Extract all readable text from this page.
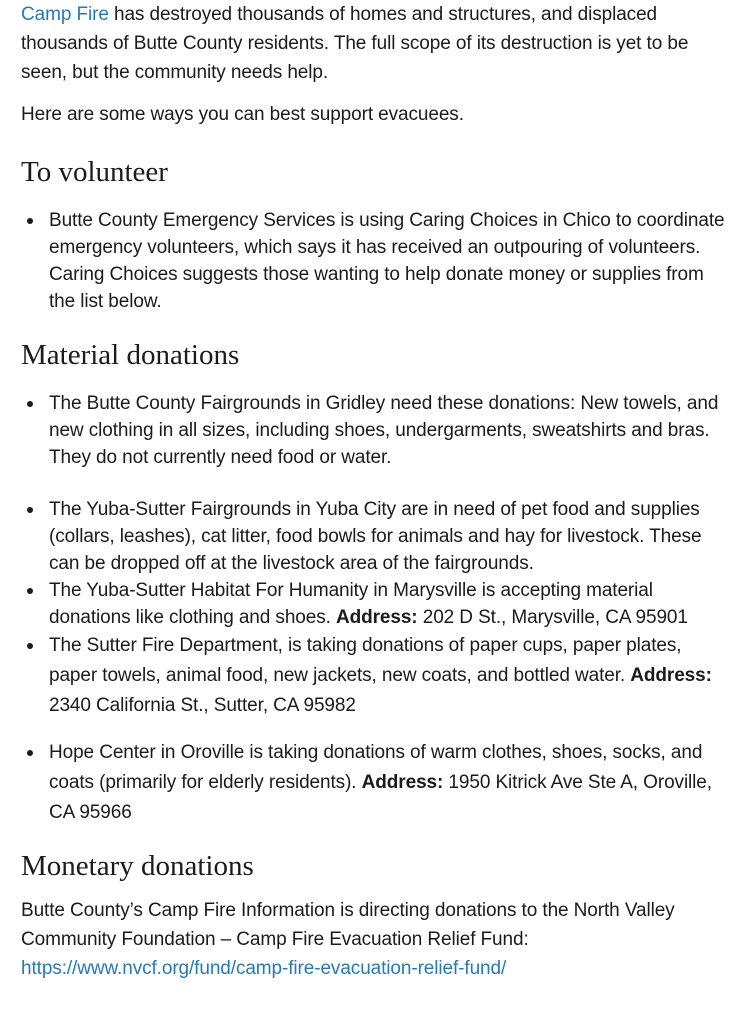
Camp Fire has destroyed thousands of homes and structures, and displaced thousands of Butte County residents. The full scope of its destruction is yet to be seen, but the community needs help.

Here are some ways you can best support evacuees.

To volunteer
Butte County Emergency Services is using Caring Choices in Chico to coordinate emergency volunteers, which says it has received an outpouring of volunteers. Caring Choices suggests those wanting to help donate money or supplies from the list below.
Material donations
The Butte County Fairgrounds in Gridley need these donations: New towels, and new clothing in all sizes, including shoes, undergarments, sweatshirts and bras. They do not currently need food or water.
The Yuba-Sutter Fairgrounds in Yuba City are in need of pet food and supplies (collars, leashes), cat litter, food bowls for animals and hay for livestock. These can be dropped off at the livestock area of the fairgrounds.
The Yuba-Sutter Habitat For Humanity in Marysville is accepting material donations like clothing and shoes. Address: 202 D St., Marysville, CA 95901
The Sutter Fire Department, is taking donations of paper cups, paper plates, paper towels, animal food, new jackets, new coats, and bottled water. Address: 2340 California St., Sutter, CA 95982
Hope Center in Oroville is taking donations of warm clothes, shoes, socks, and coats (primarily for elderly residents). Address: 1950 Kitrick Ave Ste A, Oroville, CA 95966
Monetary donations

Butte County’s Camp Fire Information is directing donations to the North Valley Community Foundation – Camp Fire Evacuation Relief Fund: https://www.nvcf.org/fund/camp-fire-evacuation-relief-fund/
